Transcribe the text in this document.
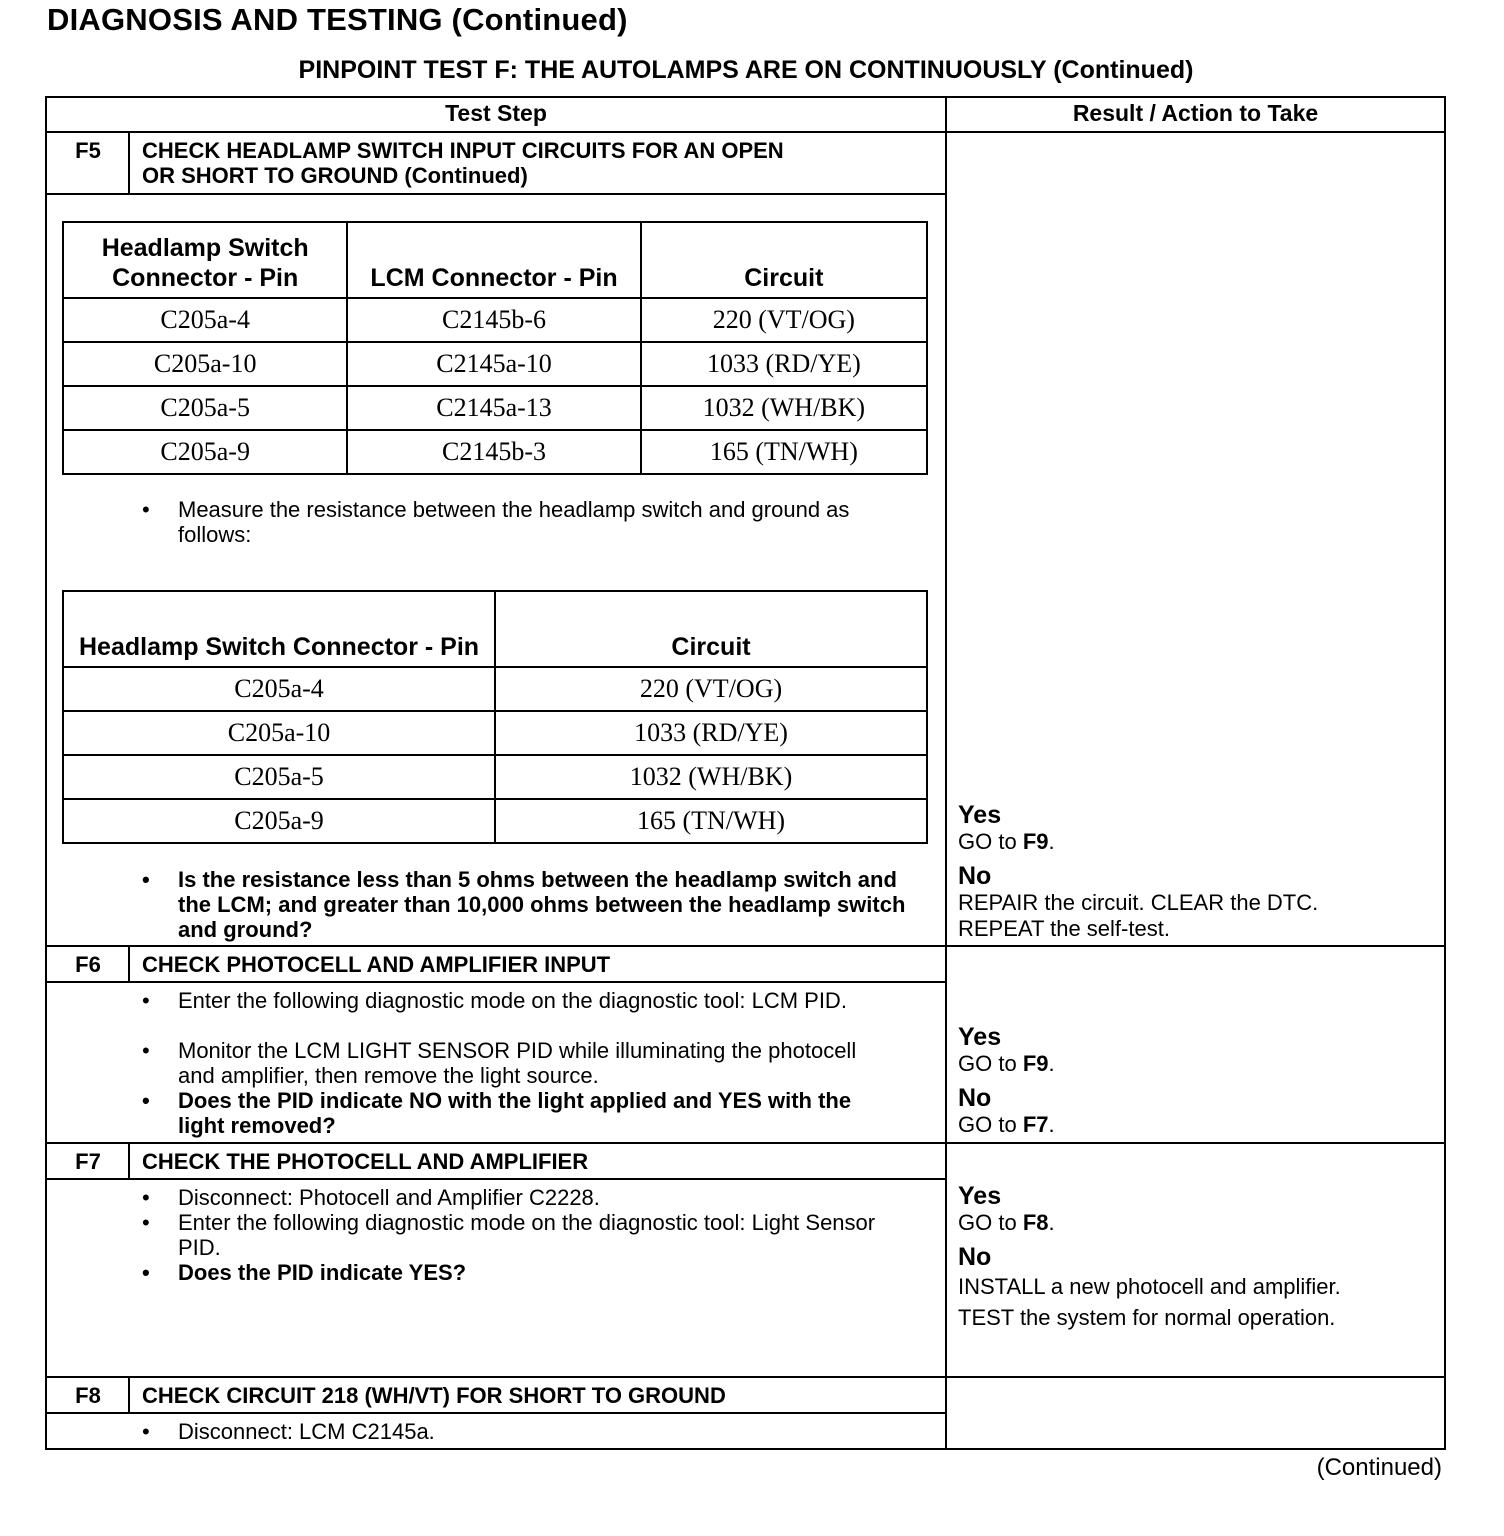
DIAGNOSIS AND TESTING (Continued)
PINPOINT TEST F: THE AUTOLAMPS ARE ON CONTINUOUSLY (Continued)
Test Step	Result / Action to Take
F5	CHECK HEADLAMP SWITCH INPUT CIRCUITS FOR AN OPEN
OR SHORT TO GROUND (Continued)
Headlamp Switch Connector - Pin	LCM Connector - Pin	Circuit
C205a-4	C2145b-6	220 (VT/OG)
C205a-10	C2145a-10	1033 (RD/YE)
C205a-5	C2145a-13	1032 (WH/BK)
C205a-9	C2145b-3	165 (TN/WH)
• Measure the resistance between the headlamp switch and ground as follows:
Headlamp Switch Connector - Pin	Circuit
C205a-4	220 (VT/OG)
C205a-10	1033 (RD/YE)
C205a-5	1032 (WH/BK)
C205a-9	165 (TN/WH)
• Is the resistance less than 5 ohms between the headlamp switch and the LCM; and greater than 10,000 ohms between the headlamp switch and ground?
Yes
GO to F9.
No
REPAIR the circuit. CLEAR the DTC.
REPEAT the self-test.
F6	CHECK PHOTOCELL AND AMPLIFIER INPUT
• Enter the following diagnostic mode on the diagnostic tool: LCM PID.
• Monitor the LCM LIGHT SENSOR PID while illuminating the photocell and amplifier, then remove the light source.
• Does the PID indicate NO with the light applied and YES with the light removed?
Yes
GO to F9.
No
GO to F7.
F7	CHECK THE PHOTOCELL AND AMPLIFIER
• Disconnect: Photocell and Amplifier C2228.
• Enter the following diagnostic mode on the diagnostic tool: Light Sensor PID.
• Does the PID indicate YES?
Yes
GO to F8.
No
INSTALL a new photocell and amplifier.
TEST the system for normal operation.
F8	CHECK CIRCUIT 218 (WH/VT) FOR SHORT TO GROUND
• Disconnect: LCM C2145a.
(Continued)
